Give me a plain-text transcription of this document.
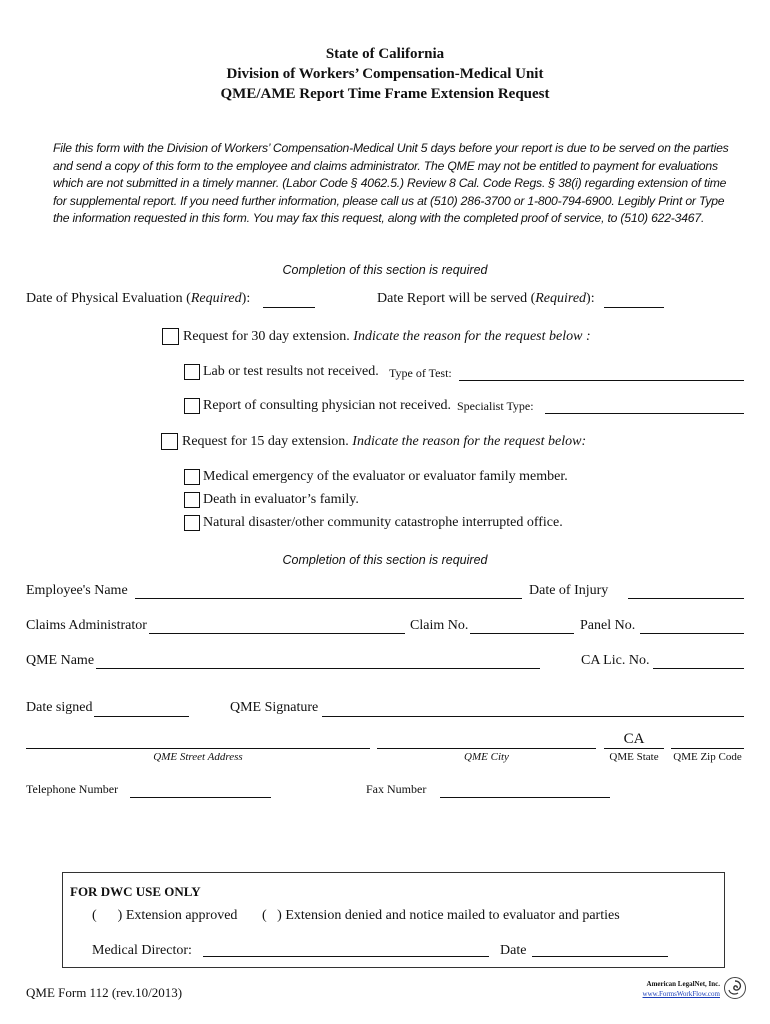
State of California
Division of Workers’ Compensation-Medical Unit
QME/AME Report Time Frame Extension Request
File this form with the Division of Workers’ Compensation-Medical Unit 5 days before your report is due to be served on the parties and send a copy of this form to the employee and claims administrator. The QME may not be entitled to payment for evaluations which are not submitted in a timely manner. (Labor Code § 4062.5.) Review 8 Cal. Code Regs. § 38(i) regarding extension of time for supplemental report. If you need further information, please call us at (510) 286-3700 or 1-800-794-6900. Legibly Print or Type the information requested in this form. You may fax this request, along with the completed proof of service, to (510) 622-3467.
Completion of this section is required
Date of Physical Evaluation (Required):	Date Report will be served (Required):
Request for 30 day extension. Indicate the reason for the request below :
Lab or test results not received. Type of Test:
Report of consulting physician not received. Specialist Type:
Request for 15 day extension. Indicate the reason for the request below:
Medical emergency of the evaluator or evaluator family member.
Death in evaluator’s family.
Natural disaster/other community catastrophe interrupted office.
Completion of this section is required
Employee's Name	Date of Injury
Claims Administrator	Claim No.	Panel No.
QME Name	CA Lic. No.
Date signed	QME Signature
QME Street Address	QME City
CA
QME State	QME Zip Code
Telephone Number	Fax Number
FOR DWC USE ONLY
(      ) Extension approved (   ) Extension denied and notice mailed to evaluator and parties
Medical Director:	Date
QME Form 112 (rev.10/2013)
American LegalNet, Inc.
www.FormsWorkFlow.com
